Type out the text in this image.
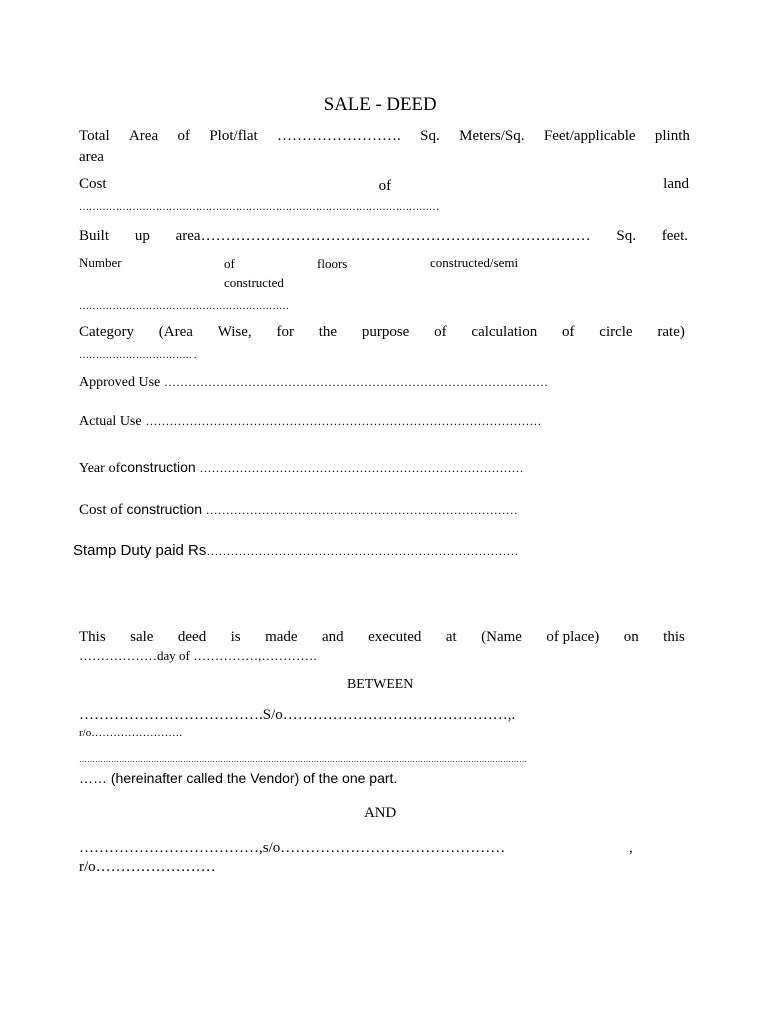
SALE - DEED
Total Area of Plot/flat ……………………. Sq. Meters/Sq. Feet/applicable plinth
area
Cost	of	land
………………………………………………………………………………………………
Built up area…………………………………………………………………… Sq. feet.
Number	of	floors	constructed/semi
constructed
………………………………………………………
Category (Area Wise, for the purpose of calculation of circle rate)
……………………………. .
Approved Use ……………………………………………………………………………………
Actual Use ………………………………………………………………………………………
Year ofconstruction ………………………………………………………………………
Cost of construction ……………………………………………………………………
Stamp Duty paid Rs……………………………………………………………………
This sale deed is made and executed at (Name of place) on this
………………day of ……………,………….
BETWEEN
……………………………….S/o………………………………………,.
r/o…………………….
……………………………………………………………………………………………………………………………………………………
…… (hereinafter called the Vendor) of the one part.
AND
………………………………,s/o………………………………………	,
r/o……………………
